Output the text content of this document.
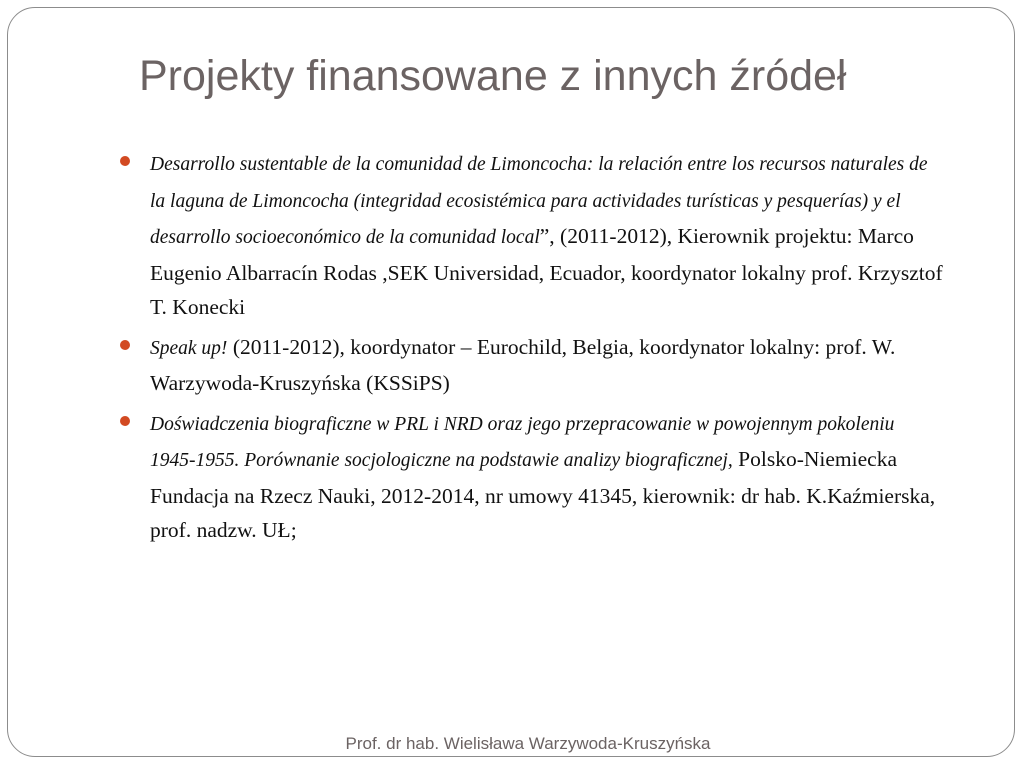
Projekty finansowane z innych źródeł
Desarrollo sustentable de la comunidad de Limoncocha: la relación entre los recursos naturales de la laguna de Limoncocha (integridad ecosistémica para actividades turísticas y pesquerías) y el desarrollo socioeconómico de la comunidad local”, (2011-2012), Kierownik projektu: Marco Eugenio Albarracín Rodas ,SEK Universidad, Ecuador, koordynator lokalny prof. Krzysztof T. Konecki
Speak up! (2011-2012), koordynator – Eurochild, Belgia, koordynator lokalny: prof. W. Warzywoda-Kruszyńska (KSSiPS)
Doświadczenia biograficzne w PRL i NRD oraz jego przepracowanie w powojennym pokoleniu 1945-1955. Porównanie socjologiczne na podstawie analizy biograficznej, Polsko-Niemiecka Fundacja na Rzecz Nauki, 2012-2014, nr umowy 41345, kierownik: dr hab. K.Kaźmierska, prof. nadzw. UŁ;
Prof. dr hab. Wielisława Warzywoda-Kruszyńska
